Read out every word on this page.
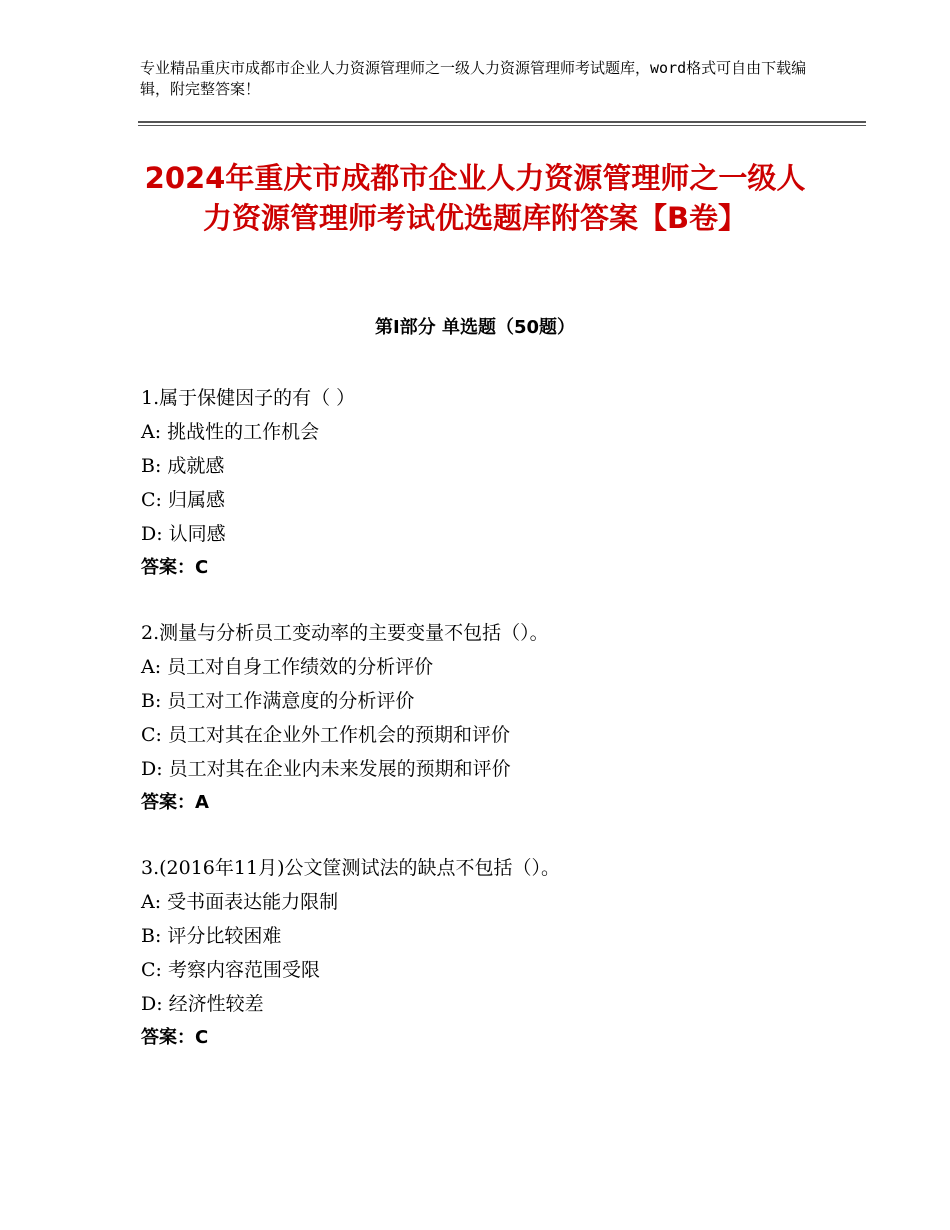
专业精品重庆市成都市企业人力资源管理师之一级人力资源管理师考试题库，word格式可自由下载编辑，附完整答案！
2024年重庆市成都市企业人力资源管理师之一级人力资源管理师考试优选题库附答案【B卷】
第Ⅰ部分 单选题（50题）
1.属于保健因子的有（ ）
A: 挑战性的工作机会
B: 成就感
C: 归属感
D: 认同感
答案：C
2.测量与分析员工变动率的主要变量不包括（）。
A: 员工对自身工作绩效的分析评价
B: 员工对工作满意度的分析评价
C: 员工对其在企业外工作机会的预期和评价
D: 员工对其在企业内未来发展的预期和评价
答案：A
3.(2016年11月)公文筐测试法的缺点不包括（）。
A: 受书面表达能力限制
B: 评分比较困难
C: 考察内容范围受限
D: 经济性较差
答案：C
